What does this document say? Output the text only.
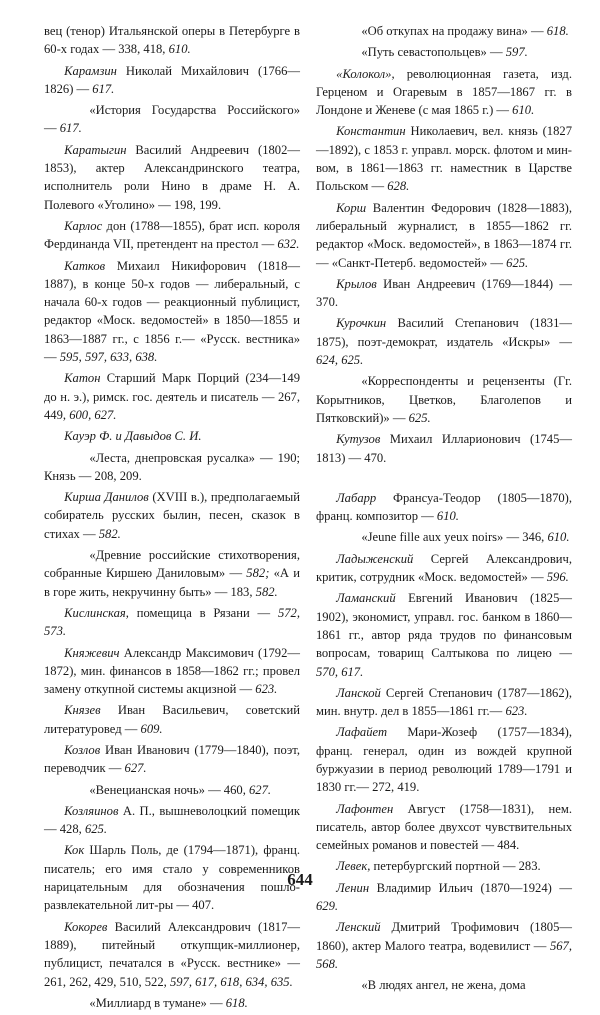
вец (тенор) Итальянской оперы в Петербурге в 60-х годах — 338, 418, 610.

Карамзин Николай Михайлович (1766—1826) — 617.

«История Государства Российского» — 617.

Каратыгин Василий Андреевич (1802—1853), актер Александринского театра, исполнитель роли Нино в драме Н. А. Полевого «Уголино» — 198, 199.

Карлос дон (1788—1855), брат исп. короля Фердинанда VII, претендент на престол — 632.

Катков Михаил Никифорович (1818—1887), в конце 50-х годов — либеральный, с начала 60-х годов — реакционный публицист, редактор «Моск. ведомостей» в 1850—1855 и 1863—1887 гг., с 1856 г.— «Русск. вестника» — 595, 597, 633, 638.

Катон Старший Марк Порций (234—149 до н. э.), римск. гос. деятель и писатель — 267, 449, 600, 627.

Кауэр Ф. и Давыдов С. И.

«Леста, днепровская русалка» — 190; Князь — 208, 209.

Кирша Данилов (XVIII в.), предполагаемый собиратель русских былин, песен, сказок в стихах — 582.

«Древние российские стихотворения, собранные Киршею Даниловым» — 582; «А и в горе жить, некручинну быть» — 183, 582.

Кислинская, помещица в Рязани — 572, 573.

Княжевич Александр Максимович (1792—1872), мин. финансов в 1858—1862 гг.; провел замену откупной системы акцизной — 623.

Князев Иван Васильевич, советский литературовед — 609.

Козлов Иван Иванович (1779—1840), поэт, переводчик — 627.

«Венецианская ночь» — 460, 627.

Козляинов А. П., вышневолоцкий помещик — 428, 625.

Кок Шарль Поль, де (1794—1871), франц. писатель; его имя стало у современников нарицательным для обозначения пошло-развлекательной лит-ры — 407.

Кокорев Василий Александрович (1817—1889), питейный откупщик-миллионер, публицист, печатался в «Русск. вестнике» — 261, 262, 429, 510, 522, 597, 617, 618, 634, 635.

«Миллиард в тумане» — 618.

«Об откупах на продажу вина» — 618.

«Путь севастопольцев» — 597.

«Колокол», революционная газета, изд. Герценом и Огаревым в 1857—1867 гг. в Лондоне и Женеве (с мая 1865 г.) — 610.

Константин Николаевич, вел. князь (1827—1892), с 1853 г. управл. морск. флотом и мин-вом, в 1861—1863 гг. наместник в Царстве Польском — 628.

Корш Валентин Федорович (1828—1883), либеральный журналист, в 1855—1862 гг. редактор «Моск. ведомостей», в 1863—1874 гг.— «Санкт-Петерб. ведомостей» — 625.

Крылов Иван Андреевич (1769—1844) — 370.

Курочкин Василий Степанович (1831—1875), поэт-демократ, издатель «Искры» — 624, 625.

«Корреспонденты и рецензенты (Гг. Корытников, Цветков, Благолепов и Пятковский)» — 625.

Кутузов Михаил Илларионович (1745—1813) — 470.

Лабарр Франсуа-Теодор (1805—1870), франц. композитор — 610.

«Jeune fille aux yeux noirs» — 346, 610.

Ладыженский Сергей Александрович, критик, сотрудник «Моск. ведомостей» — 596.

Ламанский Евгений Иванович (1825—1902), экономист, управл. гос. банком в 1860—1861 гг., автор ряда трудов по финансовым вопросам, товарищ Салтыкова по лицею — 570, 617.

Ланской Сергей Степанович (1787—1862), мин. внутр. дел в 1855—1861 гг.— 623.

Лафайет Мари-Жозеф (1757—1834), франц. генерал, один из вождей крупной буржуазии в период революций 1789—1791 и 1830 гг.— 272, 419.

Лафонтен Август (1758—1831), нем. писатель, автор более двухсот чувствительных семейных романов и повестей — 484.

Левек, петербургский портной — 283.

Ленин Владимир Ильич (1870—1924) — 629.

Ленский Дмитрий Трофимович (1805—1860), актер Малого театра, водевилист — 567, 568.

«В людях ангел, не жена, дома

644
